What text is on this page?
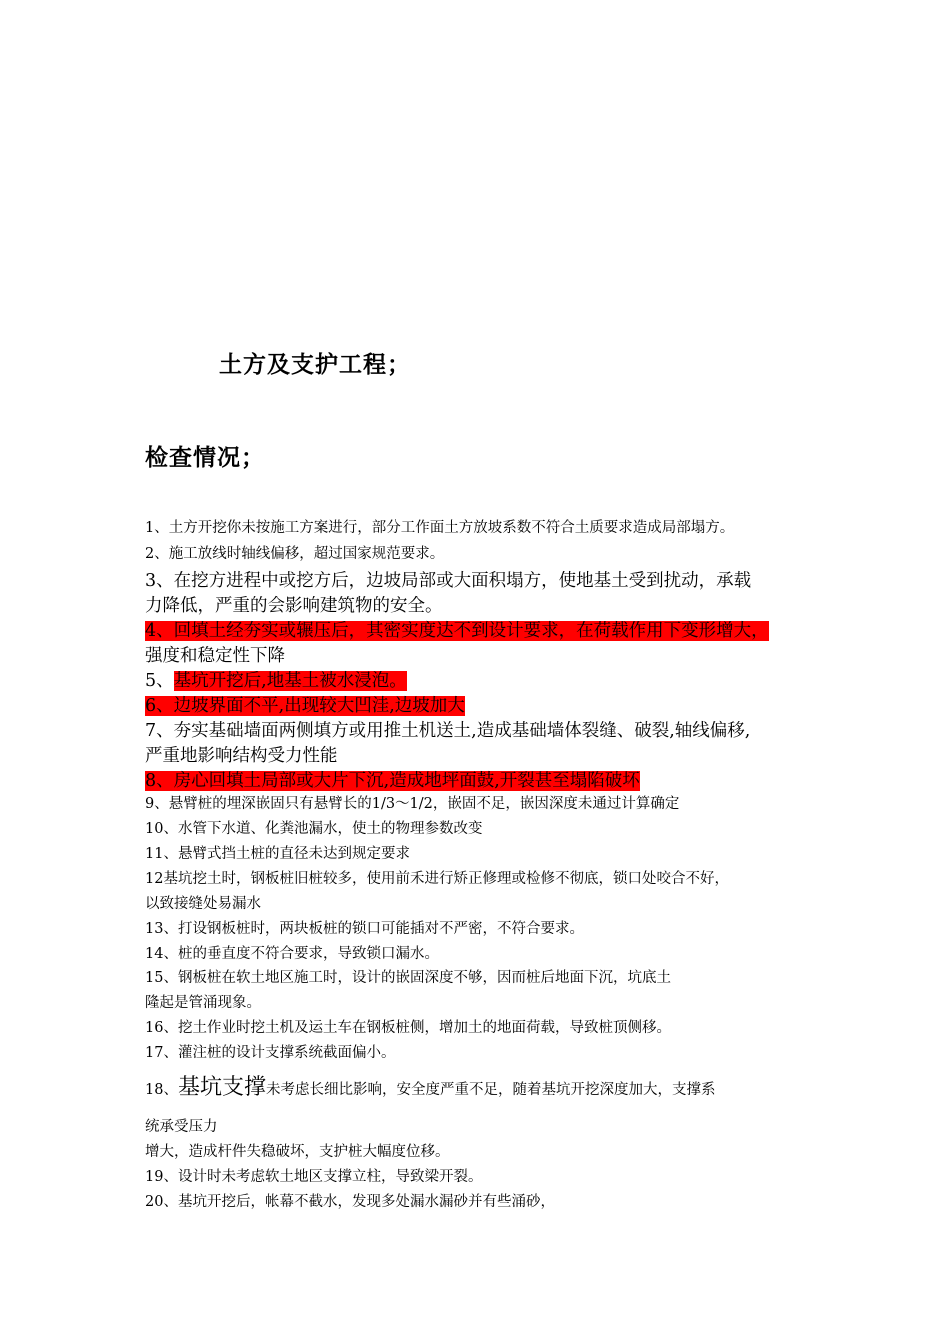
土方及支护工程；
检查情况；

1、土方开挖你未按施工方案进行，部分工作面土方放坡系数不符合土质要求造成局部塌方。

2、施工放线时轴线偏移，超过国家规范要求。

3、在挖方进程中或挖方后，边坡局部或大面积塌方，使地基土受到扰动，承载

力降低，严重的会影响建筑物的安全。

4、回填土经夯实或辗压后，其密实度达不到设计要求，在荷载作用下变形增大，

强度和稳定性下降

5、基坑开挖后,地基土被水浸泡。

6、边坡界面不平,出现较大凹洼,边坡加大

7、夯实基础墙面两侧填方或用推土机送土,造成基础墙体裂缝、破裂,轴线偏移,

严重地影响结构受力性能

8、房心回填土局部或大片下沉,造成地坪面鼓,开裂甚至塌陷破坏

9、悬臂桩的埋深嵌固只有悬臂长的1/3～1/2，嵌固不足，嵌因深度未通过计算确定

10、水管下水道、化粪池漏水，使土的物理参数改变

11、悬臂式挡土桩的直径未达到规定要求

12基坑挖土时，钢板桩旧桩较多，使用前禾进行矫正修理或检修不彻底，锁口处咬合不好，

以致接缝处易漏水

13、打设钢板桩时，两块板桩的锁口可能插对不严密，不符合要求。

14、桩的垂直度不符合要求，导致锁口漏水。

15、钢板桩在软土地区施工时，设计的嵌固深度不够，因而桩后地面下沉，坑底土

隆起是管涌现象。

16、挖土作业时挖土机及运土车在钢板桩侧，增加土的地面荷载，导致桩顶侧移。

17、灌注桩的设计支撑系统截面偏小。

18、基坑支撑未考虑长细比影响，安全度严重不足，随着基坑开挖深度加大，支撑系

统承受压力

增大，造成杆件失稳破坏，支护桩大幅度位移。

19、设计时未考虑软土地区支撑立柱，导致梁开裂。

20、基坑开挖后，帐幕不截水，发现多处漏水漏砂并有些涌砂，
